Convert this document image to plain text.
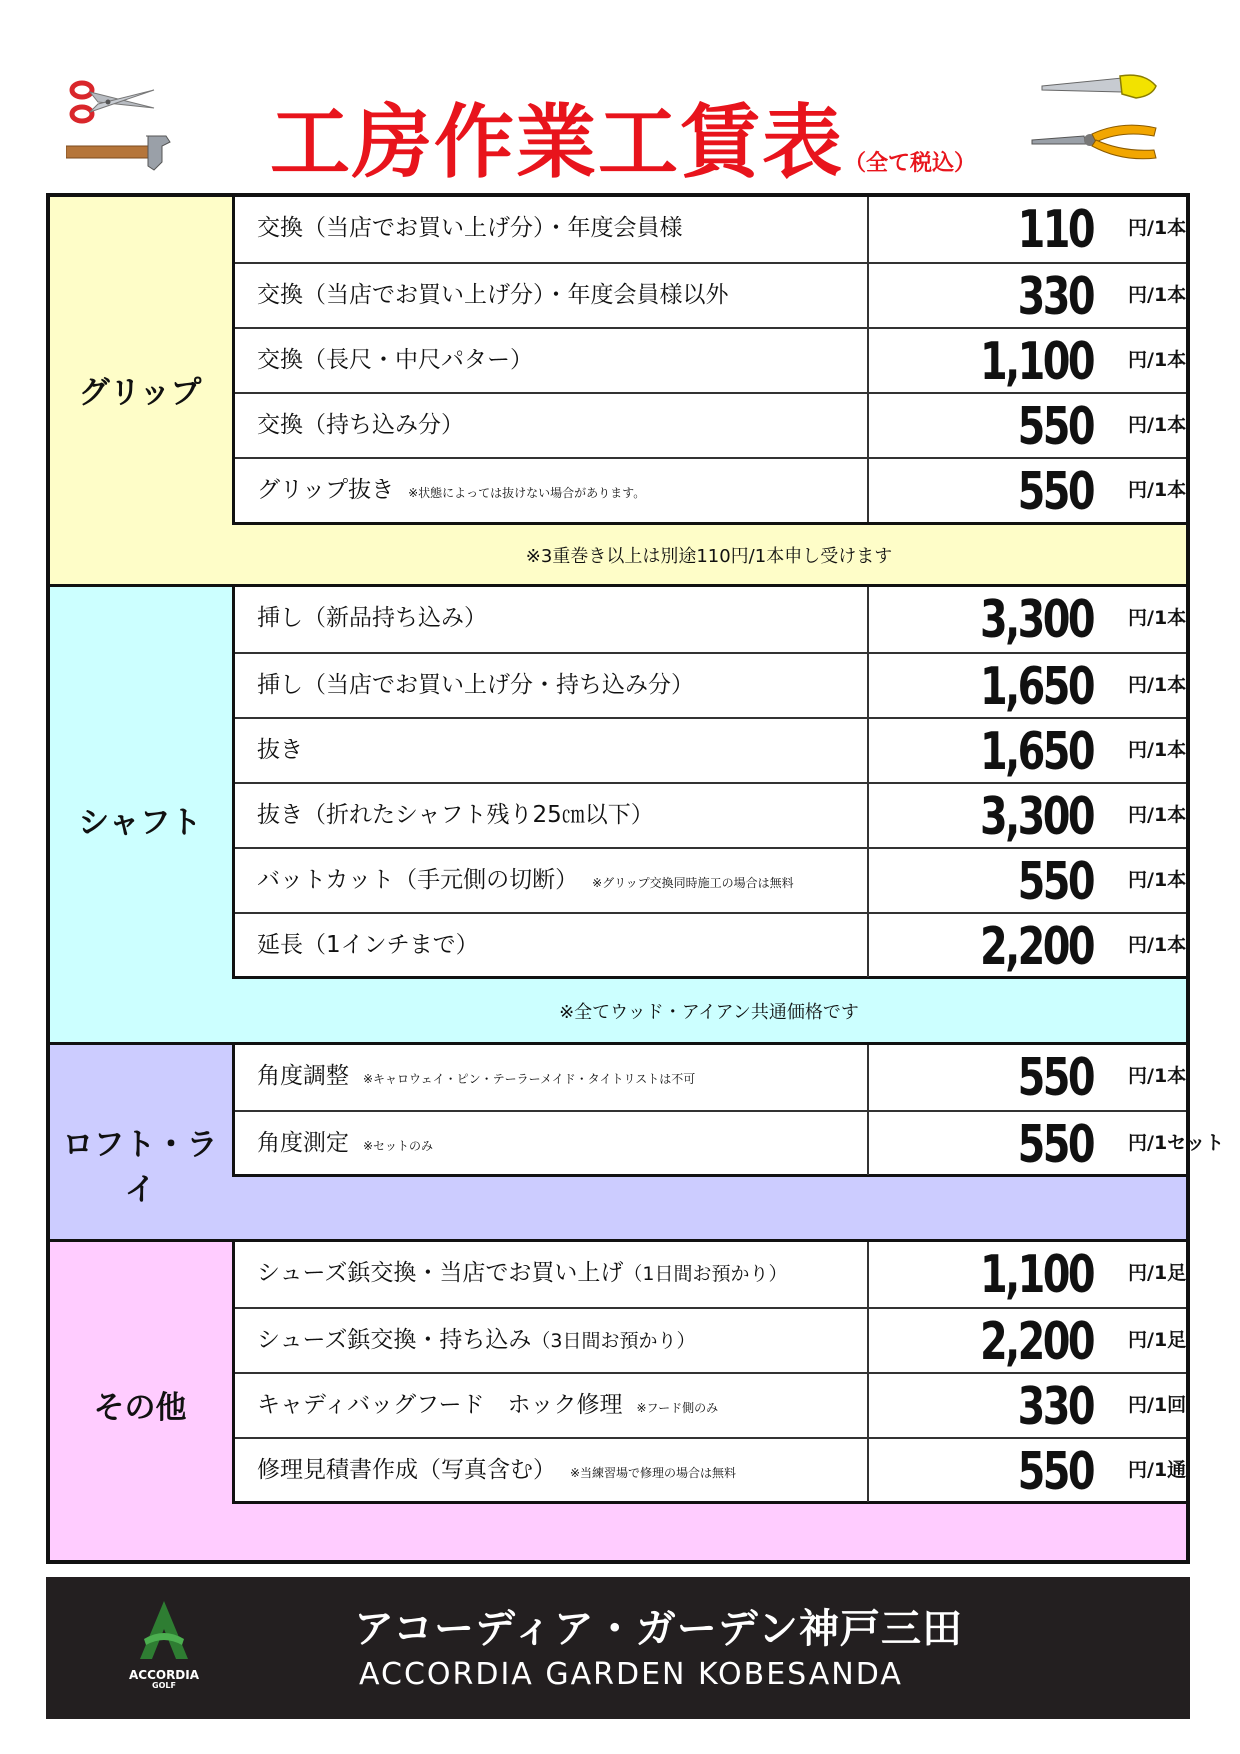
工房作業工賃表（全て税込）
グリップ
交換（当店でお買い上げ分）・年度会員様	110 円/1本
交換（当店でお買い上げ分）・年度会員様以外	330 円/1本
交換（長尺・中尺パター）	1,100 円/1本
交換（持ち込み分）	550 円/1本
グリップ抜き ※状態によっては抜けない場合があります。	550 円/1本
※3重巻き以上は別途110円/1本申し受けます
シャフト
挿し（新品持ち込み）	3,300 円/1本
挿し（当店でお買い上げ分・持ち込み分）	1,650 円/1本
抜き	1,650 円/1本
抜き（折れたシャフト残り25㎝以下）	3,300 円/1本
バットカット（手元側の切断） ※グリップ交換同時施工の場合は無料	550 円/1本
延長（1インチまで）	2,200 円/1本
※全てウッド・アイアン共通価格です
ロフト・ライ
角度調整 ※キャロウェイ・ピン・テーラーメイド・タイトリストは不可	550 円/1本
角度測定 ※セットのみ	550 円/1セット
その他
シューズ鋲交換・当店でお買い上げ（1日間お預かり）	1,100 円/1足
シューズ鋲交換・持ち込み（3日間お預かり）	2,200 円/1足
キャディバッグフード　ホック修理 ※フード側のみ	330 円/1回
修理見積書作成（写真含む） ※当練習場で修理の場合は無料	550 円/1通
ACCORDIA
GOLF
アコーディア・ガーデン神戸三田
ACCORDIA GARDEN KOBESANDA
